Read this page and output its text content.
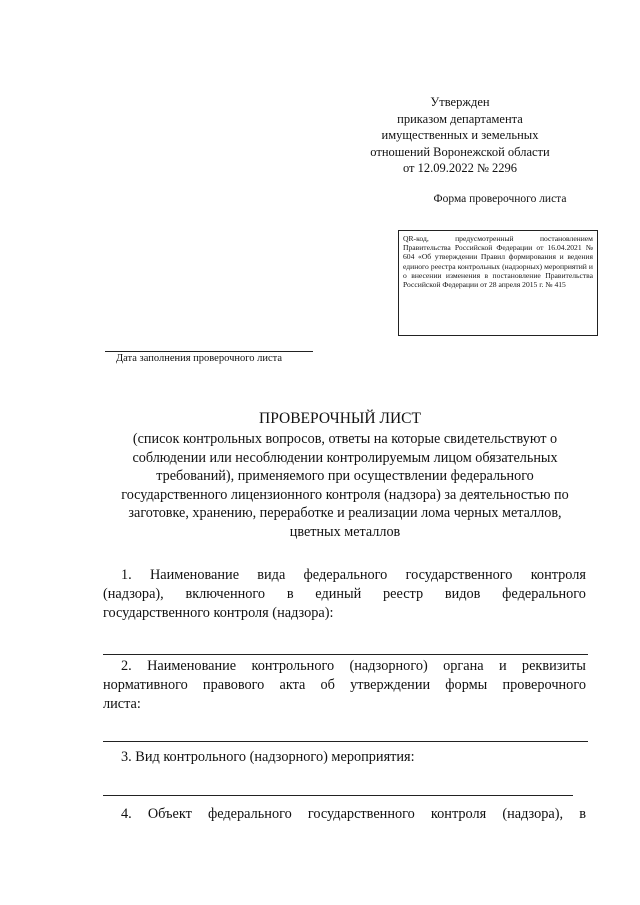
Утвержден
приказом департамента
имущественных и земельных
отношений Воронежской области
от 12.09.2022 № 2296
Форма проверочного листа
QR-код, предусмотренный постановлением Правительства Российской Федерации от 16.04.2021 № 604 «Об утверждении Правил формирования и ведения единого реестра контрольных (надзорных) мероприятий и о внесении изменения в постановление Правительства Российской Федерации от 28 апреля 2015 г. № 415
Дата заполнения проверочного листа
ПРОВЕРОЧНЫЙ ЛИСТ
(список контрольных вопросов, ответы на которые свидетельствуют о
соблюдении или несоблюдении контролируемым лицом обязательных
требований), применяемого при осуществлении федерального
государственного лицензионного контроля (надзора) за деятельностью по
заготовке, хранению, переработке и реализации лома черных металлов,
цветных металлов
1. Наименование вида федерального государственного контроля
(надзора), включенного в единый реестр видов федерального
государственного контроля (надзора):
2. Наименование контрольного (надзорного) органа и реквизиты
нормативного правового акта об утверждении формы проверочного
листа:
3. Вид контрольного (надзорного) мероприятия:
4. Объект федерального государственного контроля (надзора), в
